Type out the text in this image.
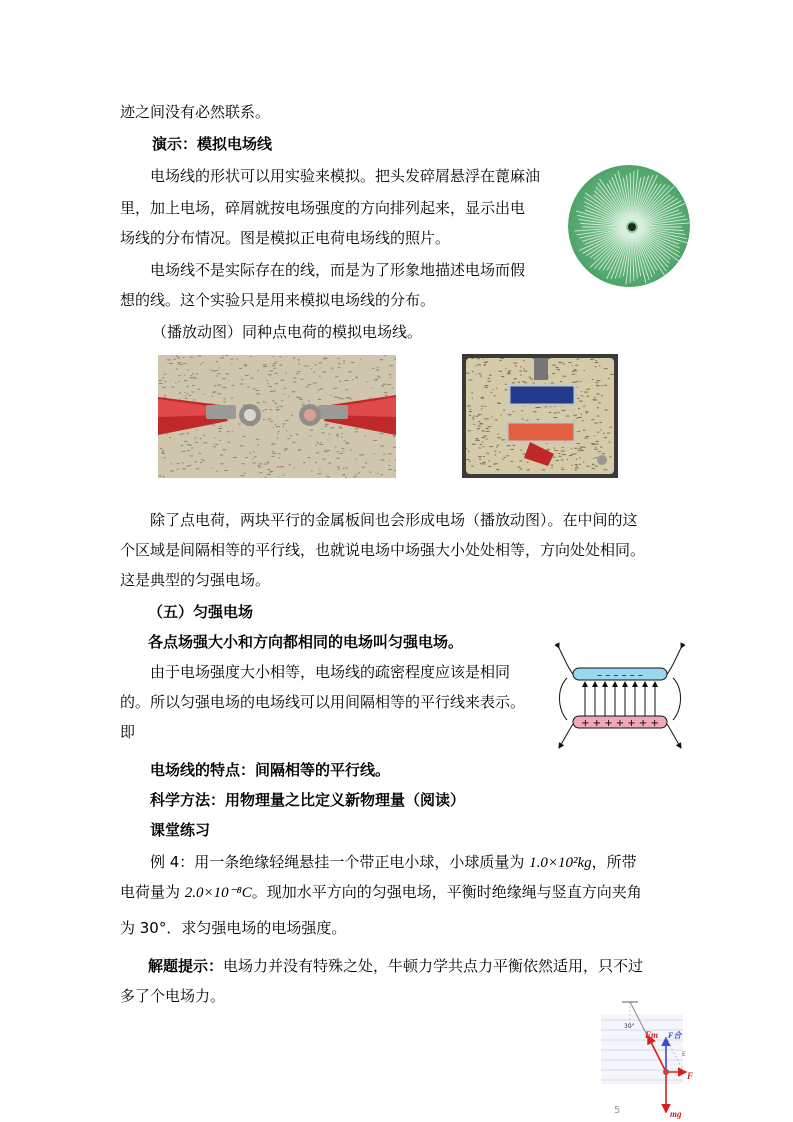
迹之间没有必然联系。
演示：模拟电场线
电场线的形状可以用实验来模拟。把头发碎屑悬浮在蓖麻油
里，加上电场，碎屑就按电场强度的方向排列起来，显示出电
场线的分布情况。图是模拟正电荷电场线的照片。
电场线不是实际存在的线，而是为了形象地描述电场而假
想的线。这个实验只是用来模拟电场线的分布。
（播放动图）同种点电荷的模拟电场线。
除了点电荷，两块平行的金属板间也会形成电场（播放动图）。在中间的这
个区域是间隔相等的平行线，也就说电场中场强大小处处相等，方向处处相同。
这是典型的匀强电场。
（五）匀强电场
各点场强大小和方向都相同的电场叫匀强电场。
由于电场强度大小相等，电场线的疏密程度应该是相同
的。所以匀强电场的电场线可以用间隔相等的平行线来表示。
即
– – – – – –
+ + + + + + +
电场线的特点：间隔相等的平行线。
科学方法：用物理量之比定义新物理量（阅读）
课堂练习
例 4：用一条绝缘轻绳悬挂一个带正电小球，小球质量为 1.0×10²kg，所带
电荷量为 2.0×10⁻⁸C。现加水平方向的匀强电场，平衡时绝缘绳与竖直方向夹角
为 30°．求匀强电场的电场强度。
解题提示：电场力并没有特殊之处，牛顿力学共点力平衡依然适用，只不过
多了个电场力。
30°
Fт F合
E
F
mg
5
